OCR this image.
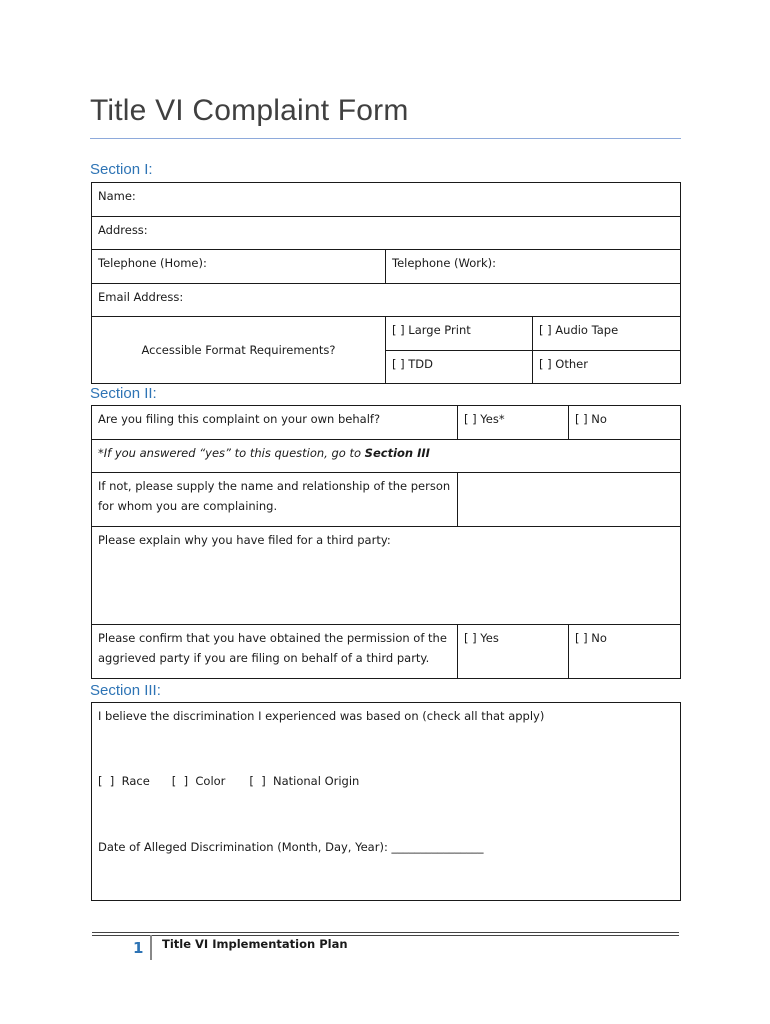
Title VI Complaint Form
Section I:
Name:		
Address:		
Telephone (Home):	Telephone (Work):	
Email Address:		
Accessible Format Requirements?	[ ] Large Print	[ ] Audio Tape
	[ ] TDD	[ ] Other
Section II:
Are you filing this complaint on your own behalf?	[ ] Yes*	[ ] No
*If you answered “yes” to this question, go to Section III		
If not, please supply the name and relationship of the person for whom you are complaining.		
Please explain why you have filed for a third party:		
Please confirm that you have obtained the permission of the aggrieved party if you are filing on behalf of a third party.	[ ] Yes	[ ] No
Section III:
I believe the discrimination I experienced was based on (check all that apply)
[  ]  Race [  ]  Color [  ]  National Origin
Date of Alleged Discrimination (Month, Day, Year): ________________
1 Title VI Implementation Plan
